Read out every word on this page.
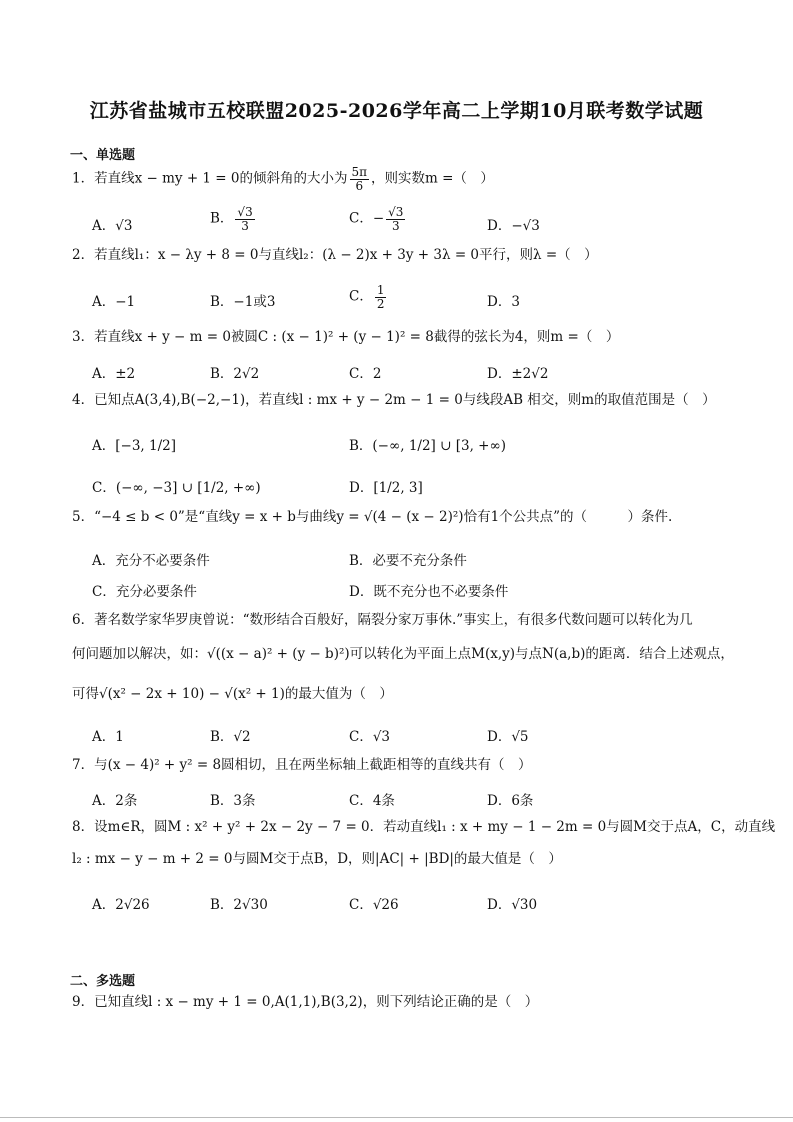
江苏省盐城市五校联盟2025-2026学年高二上学期10月联考数学试题
一、单选题
1．若直线x − my + 1 = 0的倾斜角的大小为 $\frac{5\pi}{6}$ ，则实数m =（　）
A．√3	B． $\frac{√3}{3}$	C．− $\frac{√3}{3}$	D．−√3
2．若直线l₁：x − λy + 8 = 0与直线l₂：(λ − 2)x + 3y + 3λ = 0平行，则λ =（　）
A．−1	B．−1或3	C． $\frac{1}{2}$	D．3
3．若直线x + y − m = 0被圆C : (x − 1)² + (y − 1)² = 8截得的弦长为4，则m =（　）
A．±2	B．2√2	C．2	D．±2√2
4．已知点A(3,4),B(−2,−1)，若直线l : mx + y − 2m − 1 = 0与线段AB 相交，则m的取值范围是（　）
A．[−3, 1/2]	B．(−∞, 1/2] ∪ [3, +∞)
C．(−∞, −3] ∪ [1/2, +∞)	D．[1/2, 3]
5．“−4 ≤ b < 0”是“直线y = x + b与曲线y = √(4 − (x − 2)²)恰有1个公共点”的（　　　）条件.
A．充分不必要条件	B．必要不充分条件
C．充分必要条件	D．既不充分也不必要条件
6．著名数学家华罗庚曾说：“数形结合百般好，隔裂分家万事休.”事实上，有很多代数问题可以转化为几
何问题加以解决，如：√((x − a)² + (y − b)²)可以转化为平面上点M(x,y)与点N(a,b)的距离．结合上述观点，
可得√(x² − 2x + 10) − √(x² + 1)的最大值为（　）
A．1	B．√2	C．√3	D．√5
7．与(x − 4)² + y² = 8圆相切，且在两坐标轴上截距相等的直线共有（　）
A．2条	B．3条	C．4条	D．6条
8．设m∈R，圆M : x² + y² + 2x − 2y − 7 = 0．若动直线l₁ : x + my − 1 − 2m = 0与圆M交于点A，C，动直线
l₂ : mx − y − m + 2 = 0与圆M交于点B，D，则|AC| + |BD|的最大值是（　）
A．2√26	B．2√30	C．√26	D．√30
二、多选题
9．已知直线l : x − my + 1 = 0,A(1,1),B(3,2)，则下列结论正确的是（　）
